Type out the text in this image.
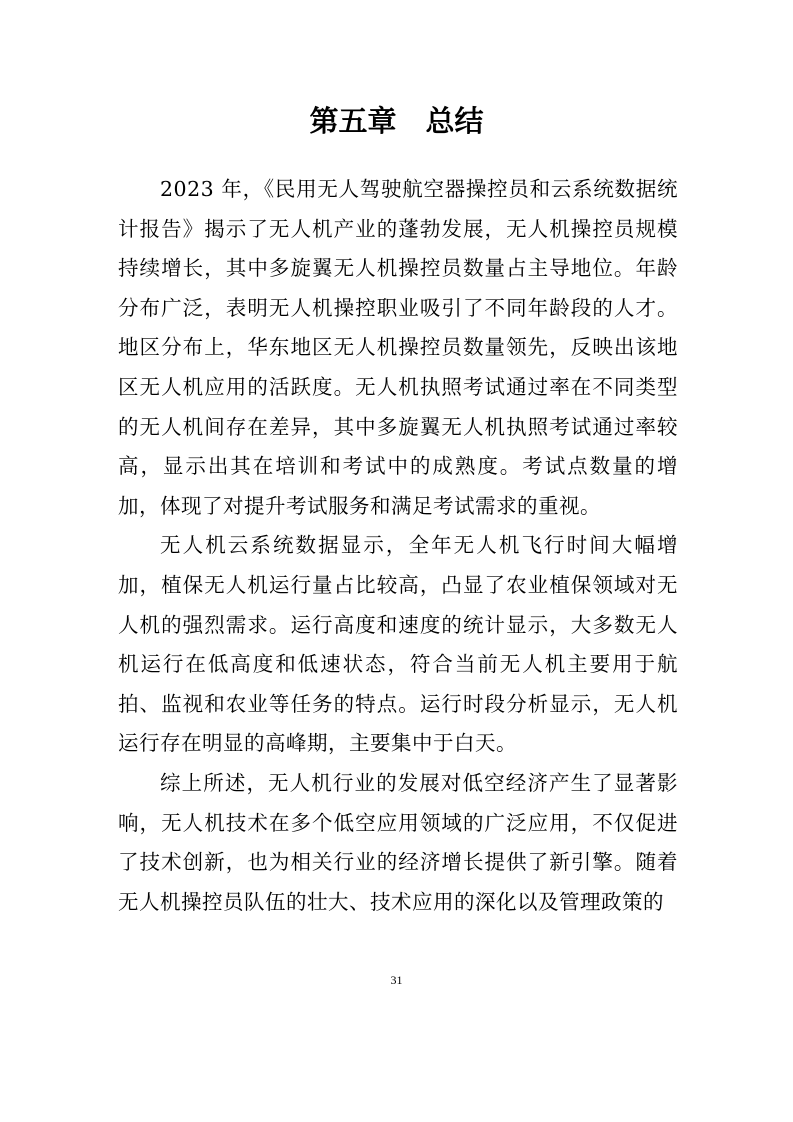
第五章　总结

2023 年，《民用无人驾驶航空器操控员和云系统数据统计报告》揭示了无人机产业的蓬勃发展，无人机操控员规模持续增长，其中多旋翼无人机操控员数量占主导地位。年龄分布广泛，表明无人机操控职业吸引了不同年龄段的人才。地区分布上，华东地区无人机操控员数量领先，反映出该地区无人机应用的活跃度。无人机执照考试通过率在不同类型的无人机间存在差异，其中多旋翼无人机执照考试通过率较高，显示出其在培训和考试中的成熟度。考试点数量的增加，体现了对提升考试服务和满足考试需求的重视。

无人机云系统数据显示，全年无人机飞行时间大幅增加，植保无人机运行量占比较高，凸显了农业植保领域对无人机的强烈需求。运行高度和速度的统计显示，大多数无人机运行在低高度和低速状态，符合当前无人机主要用于航拍、监视和农业等任务的特点。运行时段分析显示，无人机运行存在明显的高峰期，主要集中于白天。

综上所述，无人机行业的发展对低空经济产生了显著影响，无人机技术在多个低空应用领域的广泛应用，不仅促进了技术创新，也为相关行业的经济增长提供了新引擎。随着无人机操控员队伍的壮大、技术应用的深化以及管理政策的

31
